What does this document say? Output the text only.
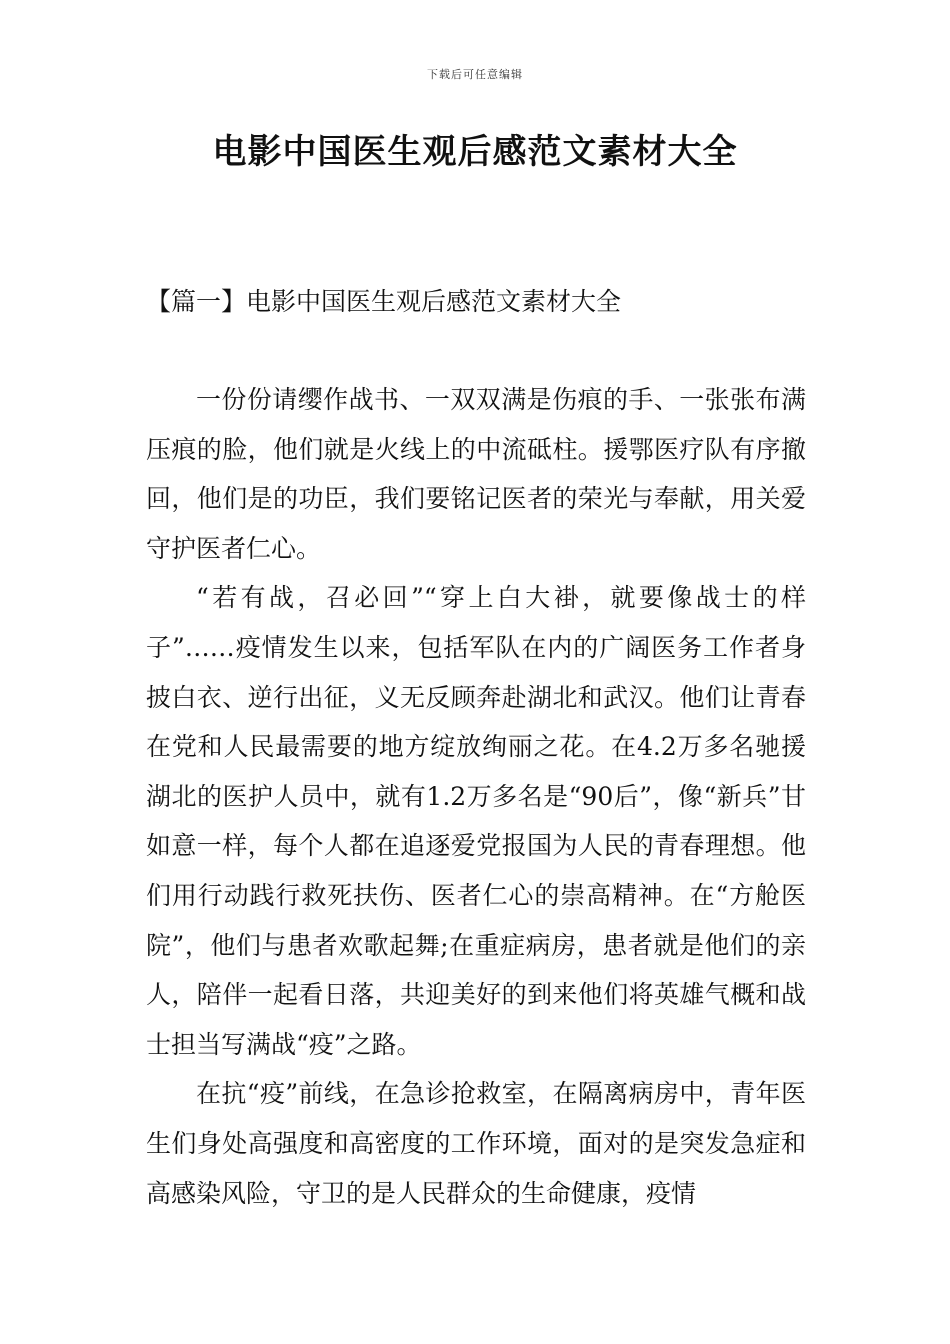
下载后可任意编辑
电影中国医生观后感范文素材大全
【篇一】电影中国医生观后感范文素材大全

一份份请缨作战书、一双双满是伤痕的手、一张张布满压痕的脸，他们就是火线上的中流砥柱。援鄂医疗队有序撤回，他们是的功臣，我们要铭记医者的荣光与奉献，用关爱守护医者仁心。

“若有战，召必回”“穿上白大褂，就要像战士的样子”……疫情发生以来，包括军队在内的广阔医务工作者身披白衣、逆行出征，义无反顾奔赴湖北和武汉。他们让青春在党和人民最需要的地方绽放绚丽之花。在4.2万多名驰援湖北的医护人员中，就有1.2万多名是“90后”，像“新兵”甘如意一样，每个人都在追逐爱党报国为人民的青春理想。他们用行动践行救死扶伤、医者仁心的崇高精神。在“方舱医院”，他们与患者欢歌起舞;在重症病房，患者就是他们的亲人，陪伴一起看日落，共迎美好的到来他们将英雄气概和战士担当写满战“疫”之路。

在抗“疫”前线，在急诊抢救室，在隔离病房中，青年医生们身处高强度和高密度的工作环境，面对的是突发急症和高感染风险，守卫的是人民群众的生命健康，疫情
